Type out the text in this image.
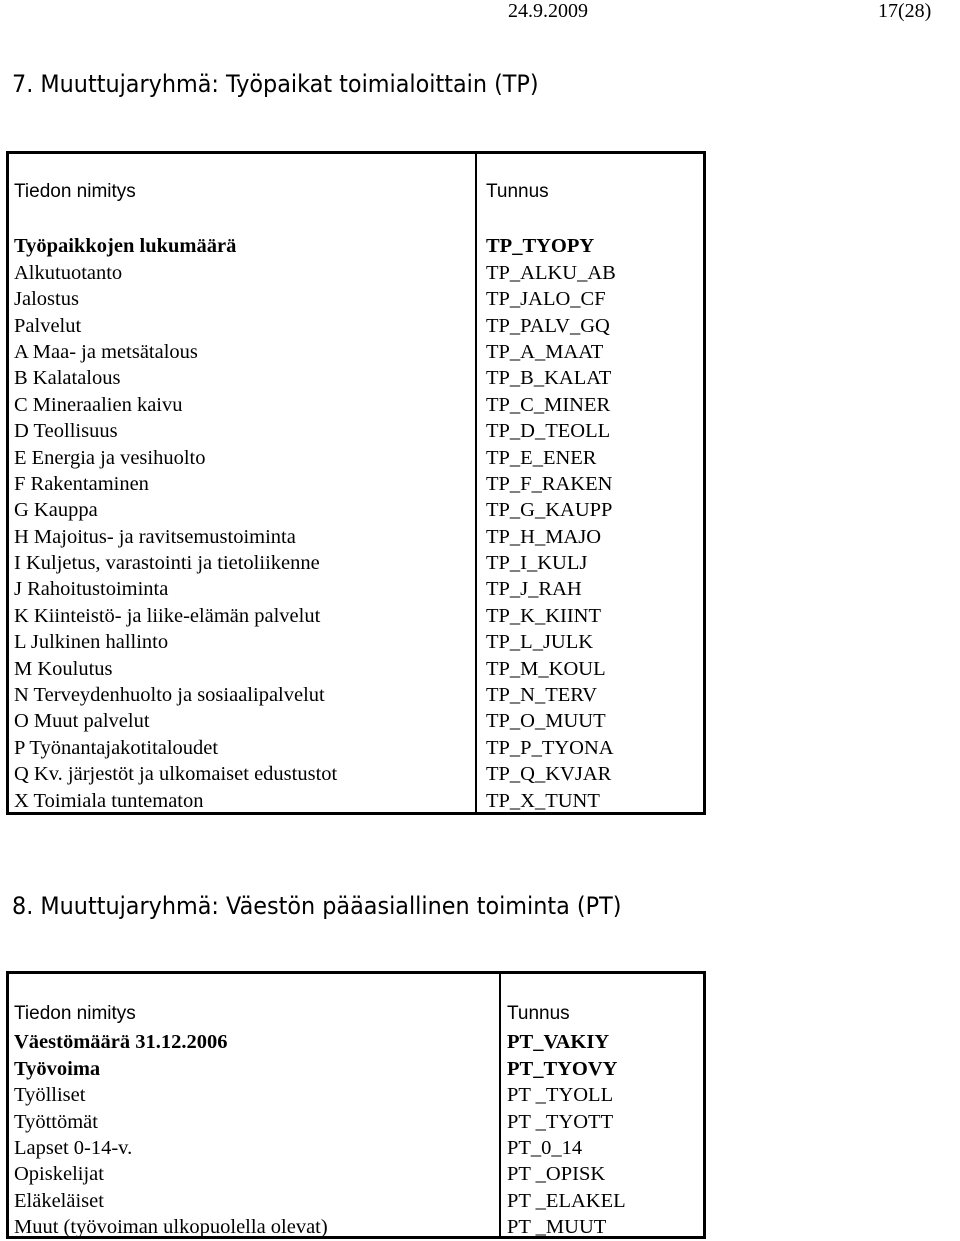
24.9.2009	17(28)
7. Muuttujaryhmä: Työpaikat toimialoittain (TP)
Tiedon nimitys
Työpaikkojen lukumäärä
Alkutuotanto
Jalostus
Palvelut
A Maa- ja metsätalous
B Kalatalous
C Mineraalien kaivu
D Teollisuus
E Energia ja vesihuolto
F Rakentaminen
G Kauppa
H Majoitus- ja ravitsemustoiminta
I Kuljetus, varastointi ja tietoliikenne
J Rahoitustoiminta
K Kiinteistö- ja liike-elämän palvelut
L Julkinen hallinto
M Koulutus
N Terveydenhuolto ja sosiaalipalvelut
O Muut palvelut
P Työnantajakotitaloudet
Q Kv. järjestöt ja ulkomaiset edustustot
X Toimiala tuntematon
Tunnus
TP_TYOPY
TP_ALKU_AB
TP_JALO_CF
TP_PALV_GQ
TP_A_MAAT
TP_B_KALAT
TP_C_MINER
TP_D_TEOLL
TP_E_ENER
TP_F_RAKEN
TP_G_KAUPP
TP_H_MAJO
TP_I_KULJ
TP_J_RAH
TP_K_KIINT
TP_L_JULK
TP_M_KOUL
TP_N_TERV
TP_O_MUUT
TP_P_TYONA
TP_Q_KVJAR
TP_X_TUNT
8. Muuttujaryhmä: Väestön pääasiallinen toiminta (PT)
Tiedon nimitys
Väestömäärä 31.12.2006
Työvoima
Työlliset
Työttömät
Lapset 0-14-v.
Opiskelijat
Eläkeläiset
Muut (työvoiman ulkopuolella olevat)
Tunnus
PT_VAKIY
PT_TYOVY
PT _TYOLL
PT _TYOTT
PT_0_14
PT _OPISK
PT _ELAKEL
PT _MUUT
